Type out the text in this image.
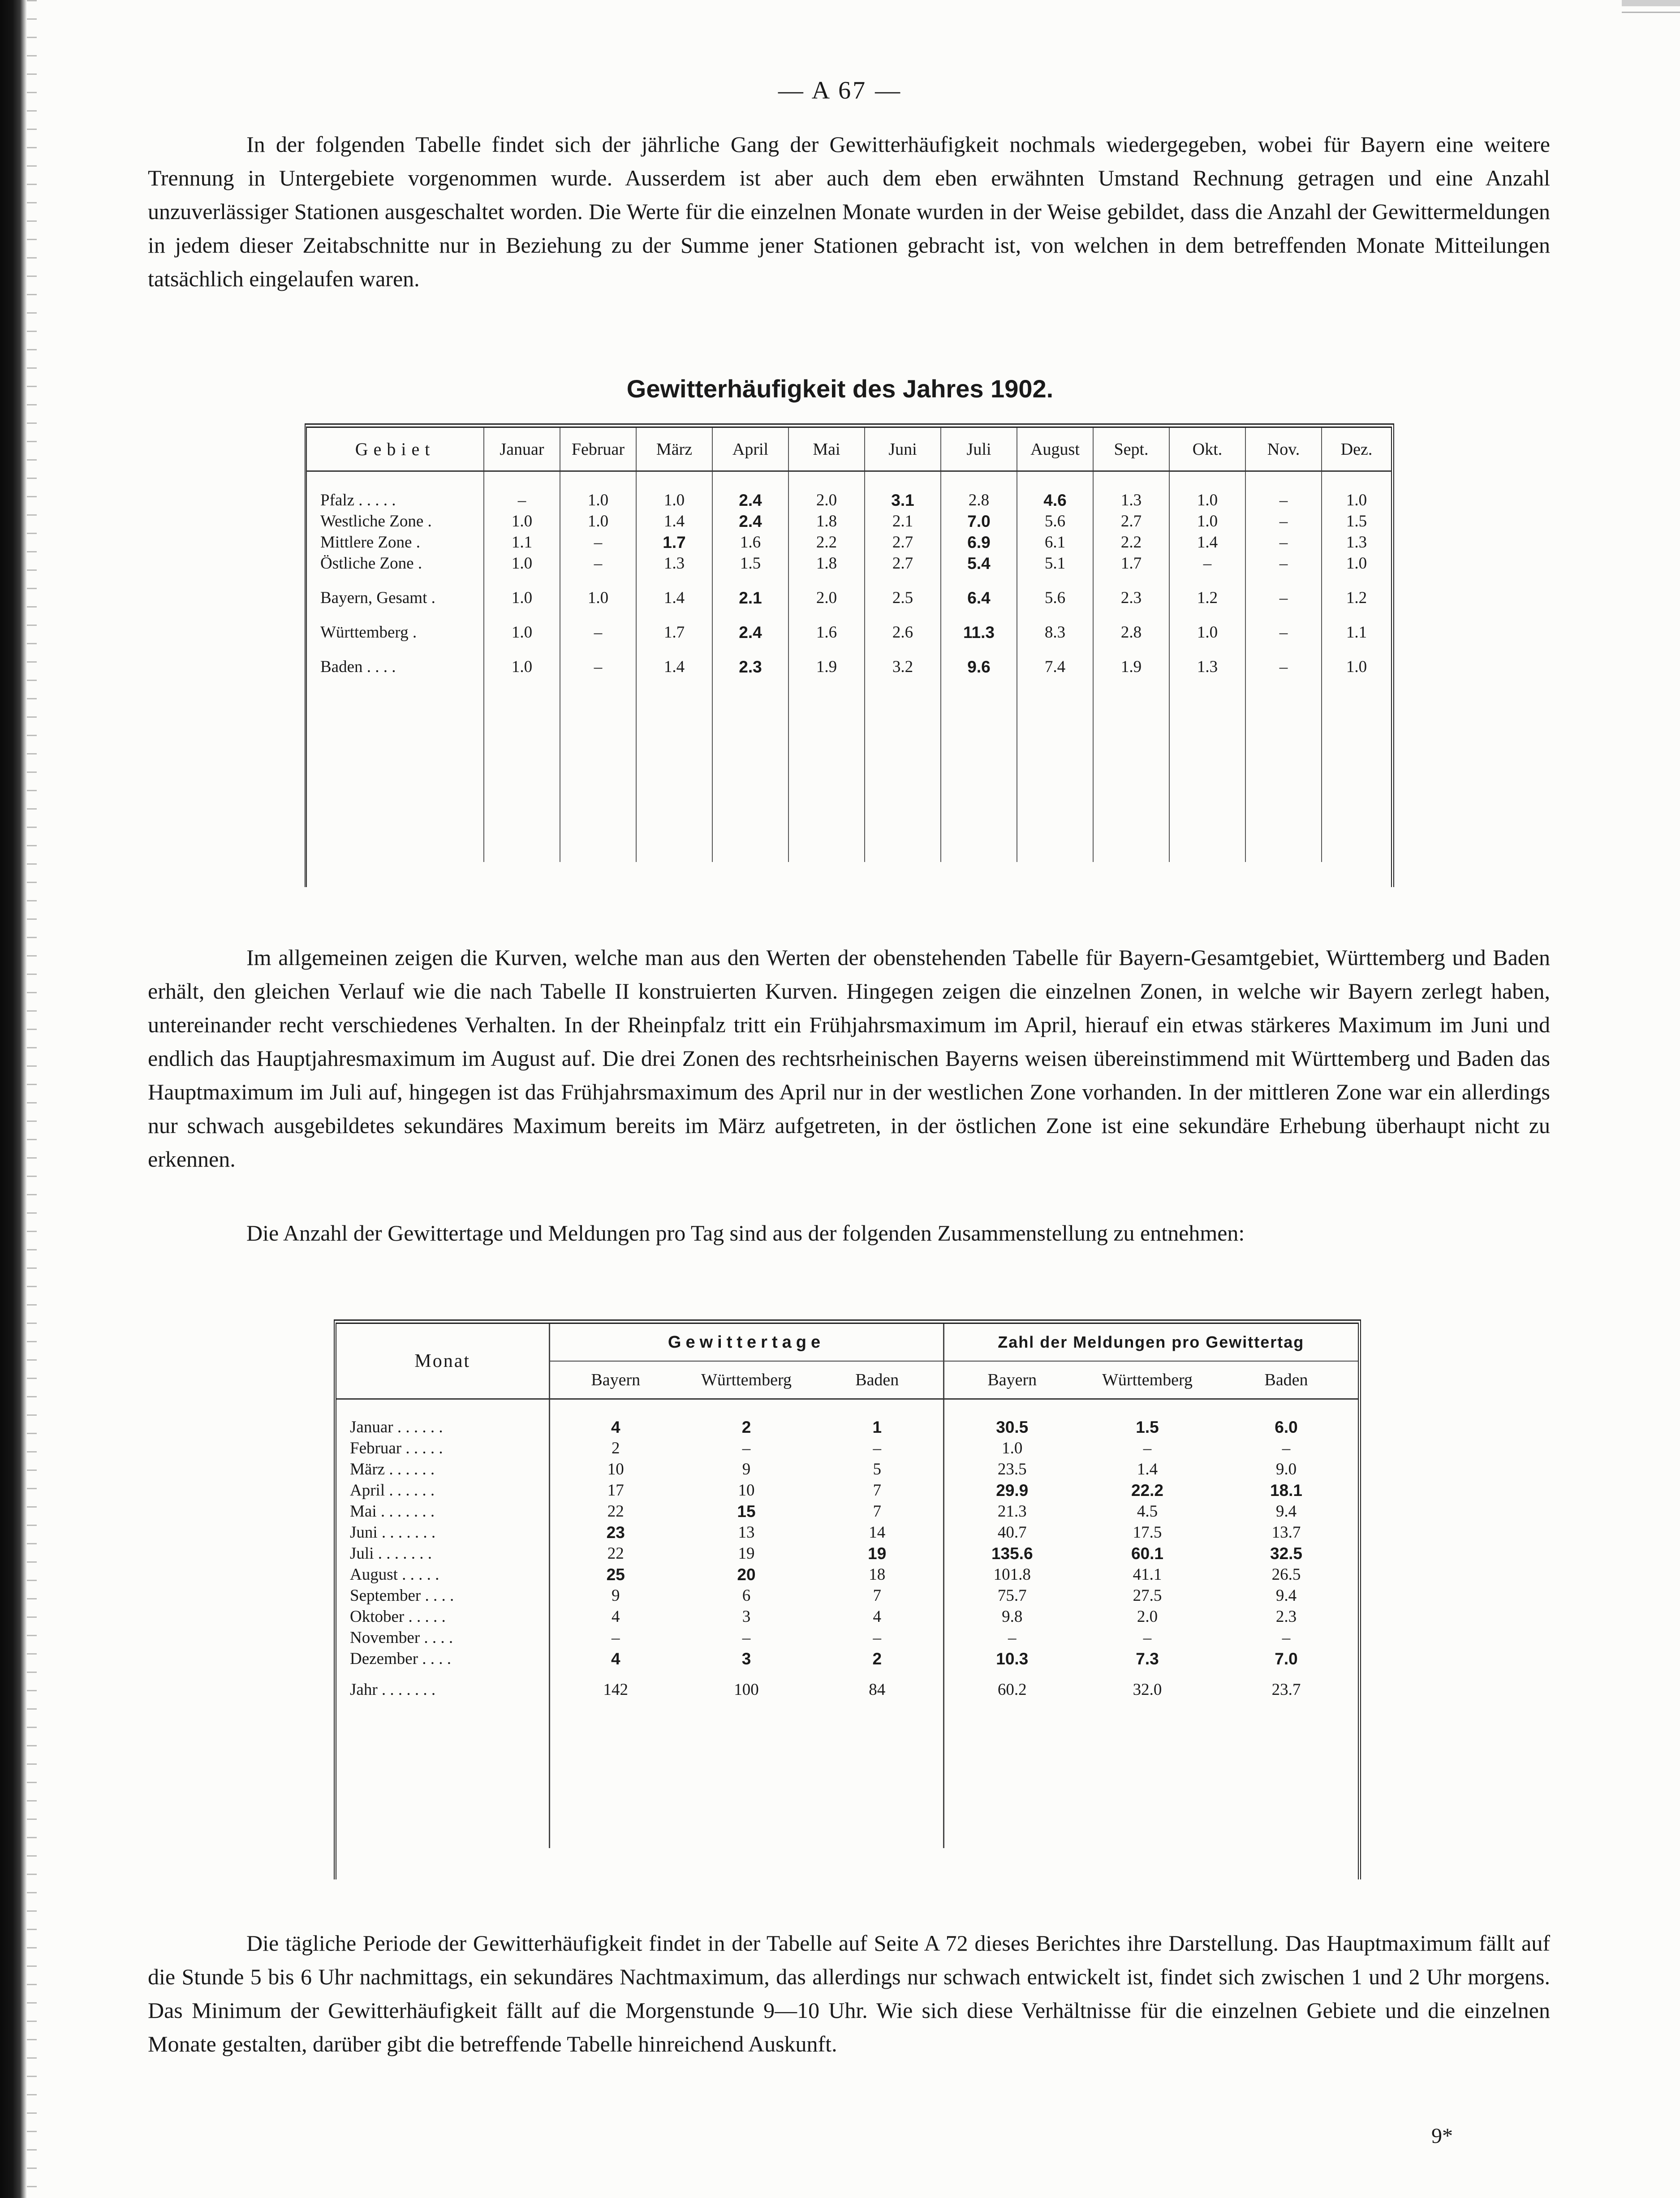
— A 67 —

In der folgenden Tabelle findet sich der jährliche Gang der Gewitterhäufigkeit nochmals wiedergegeben, wobei für Bayern eine weitere Trennung in Untergebiete vorgenommen wurde. Ausserdem ist aber auch dem eben erwähnten Umstand Rechnung getragen und eine Anzahl unzuverlässiger Stationen ausgeschaltet worden. Die Werte für die einzelnen Monate wurden in der Weise gebildet, dass die Anzahl der Gewittermeldungen in jedem dieser Zeitabschnitte nur in Beziehung zu der Summe jener Stationen gebracht ist, von welchen in dem betreffenden Monate Mitteilungen tatsächlich eingelaufen waren.

Gewitterhäufigkeit des Jahres 1902.
Gebiet	Januar	Februar	März	April	Mai	Juni	Juli	August	Sept.	Okt.	Nov.	Dez.
Pfalz . . . . .	–	1.0	1.0	2.4	2.0	3.1	2.8	4.6	1.3	1.0	–	1.0
Westliche Zone .	1.0	1.0	1.4	2.4	1.8	2.1	7.0	5.6	2.7	1.0	–	1.5
Mittlere Zone .	1.1	–	1.7	1.6	2.2	2.7	6.9	6.1	2.2	1.4	–	1.3
Östliche Zone .	1.0	–	1.3	1.5	1.8	2.7	5.4	5.1	1.7	–	–	1.0

Bayern, Gesamt .	1.0	1.0	1.4	2.1	2.0	2.5	6.4	5.6	2.3	1.2	–	1.2

Württemberg .	1.0	–	1.7	2.4	1.6	2.6	11.3	8.3	2.8	1.0	–	1.1

Baden . . . .	1.0	–	1.4	2.3	1.9	3.2	9.6	7.4	1.9	1.3	–	1.0

Im allgemeinen zeigen die Kurven, welche man aus den Werten der obenstehenden Tabelle für Bayern-Gesamtgebiet, Württemberg und Baden erhält, den gleichen Verlauf wie die nach Tabelle II konstruierten Kurven. Hingegen zeigen die einzelnen Zonen, in welche wir Bayern zerlegt haben, untereinander recht verschiedenes Verhalten. In der Rheinpfalz tritt ein Frühjahrsmaximum im April, hierauf ein etwas stärkeres Maximum im Juni und endlich das Hauptjahresmaximum im August auf. Die drei Zonen des rechtsrheinischen Bayerns weisen übereinstimmend mit Württemberg und Baden das Hauptmaximum im Juli auf, hingegen ist das Frühjahrsmaximum des April nur in der westlichen Zone vorhanden. In der mittleren Zone war ein allerdings nur schwach ausgebildetes sekundäres Maximum bereits im März aufgetreten, in der östlichen Zone ist eine sekundäre Erhebung überhaupt nicht zu erkennen.

Die Anzahl der Gewittertage und Meldungen pro Tag sind aus der folgenden Zusammenstellung zu entnehmen:

Monat	Gewittertage			Zahl der Meldungen pro Gewittertag		
	Bayern	Württemberg	Baden	Bayern	Württemberg	Baden
Januar . . . . . .	4	2	1	30.5	1.5	6.0
Februar . . . . .	2	–	–	1.0	–	–
März . . . . . .	10	9	5	23.5	1.4	9.0
April . . . . . .	17	10	7	29.9	22.2	18.1
Mai . . . . . . .	22	15	7	21.3	4.5	9.4
Juni . . . . . . .	23	13	14	40.7	17.5	13.7
Juli . . . . . . .	22	19	19	135.6	60.1	32.5
August . . . . .	25	20	18	101.8	41.1	26.5
September . . . .	9	6	7	75.7	27.5	9.4
Oktober . . . . .	4	3	4	9.8	2.0	2.3
November . . . .	–	–	–	–	–	–
Dezember . . . .	4	3	2	10.3	7.3	7.0

Jahr . . . . . . .	142	100	84	60.2	32.0	23.7

Die tägliche Periode der Gewitterhäufigkeit findet in der Tabelle auf Seite A 72 dieses Berichtes ihre Darstellung. Das Hauptmaximum fällt auf die Stunde 5 bis 6 Uhr nachmittags, ein sekundäres Nachtmaximum, das allerdings nur schwach entwickelt ist, findet sich zwischen 1 und 2 Uhr morgens. Das Minimum der Gewitterhäufigkeit fällt auf die Morgenstunde 9—10 Uhr. Wie sich diese Verhältnisse für die einzelnen Gebiete und die einzelnen Monate gestalten, darüber gibt die betreffende Tabelle hinreichend Auskunft.

9*
